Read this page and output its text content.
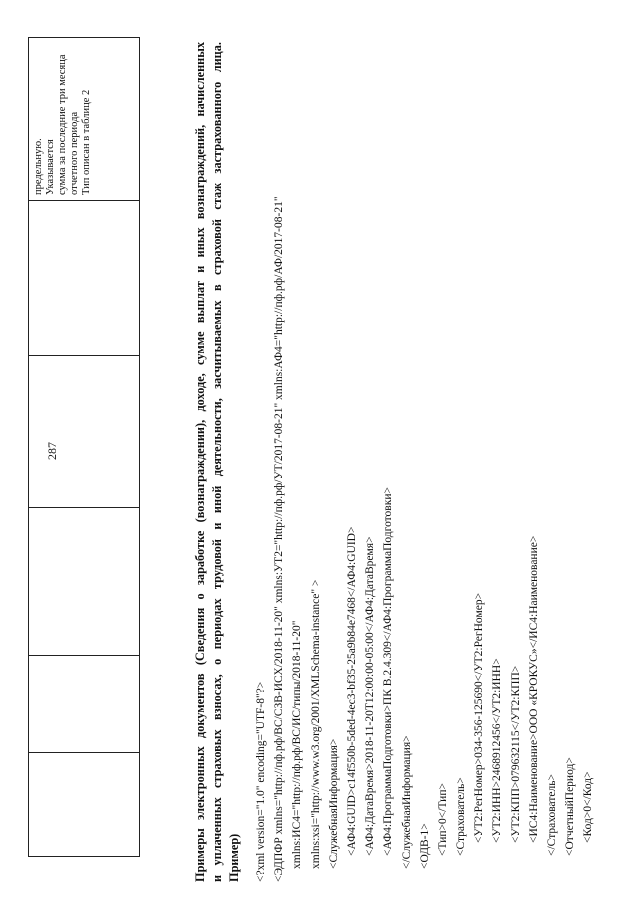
287
предельную. Указывается сумма за последние три месяца отчетного периода Тип описан в таблице 2	Примеры электронных документов (Сведения о заработке (вознаграждении), доходе, сумме выплат и иных вознаграждений, начисленных и уплаченных страховых взносах, о периодах трудовой и иной деятельности, засчитываемых в страховой стаж застрахованного лица. Пример) <?xml version="1.0" encoding="UTF-8"?> <ЭДПФР xmlns="http://пф.рф/ВС/СЗВ-ИСХ/2018-11-20" xmlns:УТ2="http://пф.рф/УТ/2017-08-21" xmlns:АФ4="http://пф.рф/АФ/2017-08-21" xmlns:ИС4="http://пф.рф/ВС/ИС/типы/2018-11-20" xmlns:xsi="http://www.w3.org/2001/XMLSchema-instance" > <СлужебнаяИнформация> <АФ4:GUID>c14f550b-5ded-4ec3-bf35-25a9b84e7468</АФ4:GUID> <АФ4:ДатаВремя>2018-11-20T12:00:00-05:00</АФ4:ДатаВремя> <АФ4:ПрограммаПодготовки>ПК В.2.4.309</АФ4:ПрограммаПодготовки> </СлужебнаяИнформация> <ОДВ-1> <Тип>0</Тип> <Страхователь> <УТ2:РегНомер>034-356-125690</УТ2:РегНомер> <УТ2:ИНН>2468912456</УТ2:ИНН> <УТ2:КПП>079632115</УТ2:КПП> <ИС4:Наименование>ООО «КРОКУС»</ИС4:Наименование> </Страхователь> <ОтчетныйПериод> <Код>0</Код>
